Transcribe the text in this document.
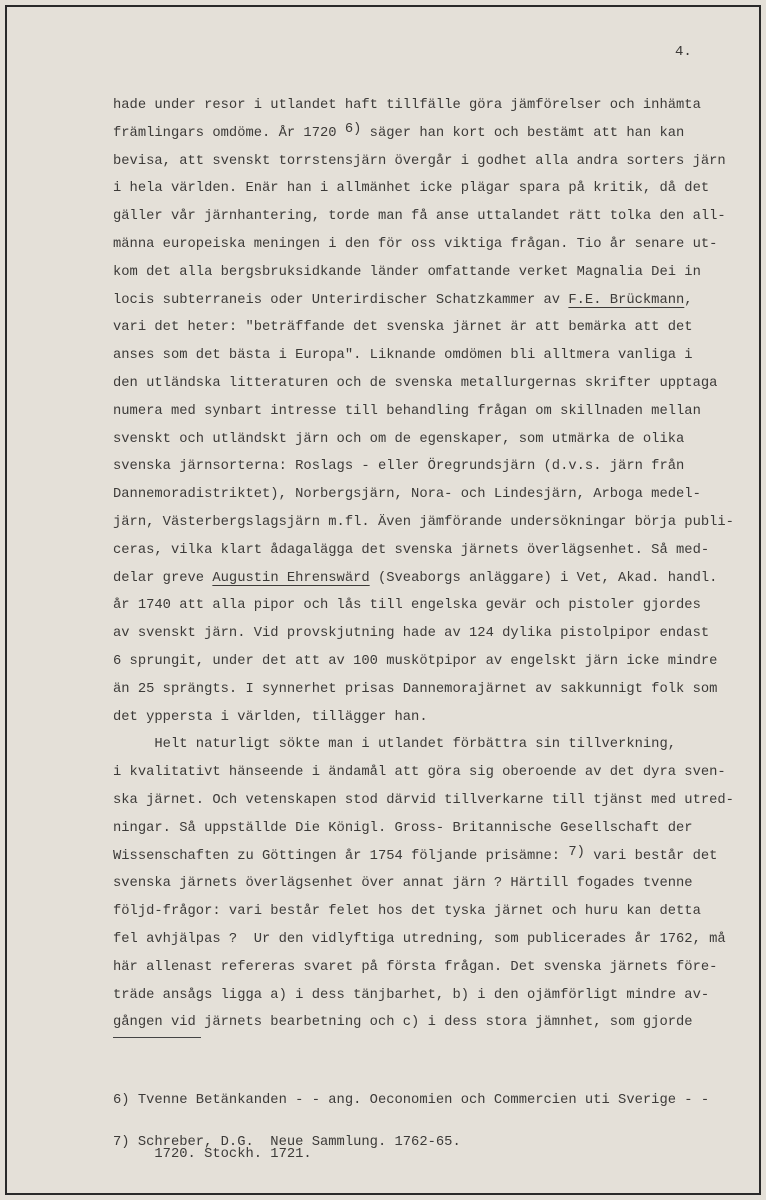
4.
hade under resor i utlandet haft tillfälle göra jämförelser och inhämta
främlingars omdöme. År 1720 6) säger han kort och bestämt att han kan
bevisa, att svenskt torrstensjärn övergår i godhet alla andra sorters järn
i hela världen. Enär han i allmänhet icke plägar spara på kritik, då det
gäller vår järnhantering, torde man få anse uttalandet rätt tolka den all-
männa europeiska meningen i den för oss viktiga frågan. Tio år senare ut-
kom det alla bergsbruksidkande länder omfattande verket Magnalia Dei in
locis subterraneis oder Unterirdischer Schatzkammer av F.E. Brückmann,
vari det heter: "beträffande det svenska järnet är att bemärka att det
anses som det bästa i Europa". Liknande omdömen bli alltmera vanliga i
den utländska litteraturen och de svenska metallurgernas skrifter upptaga
numera med synbart intresse till behandling frågan om skillnaden mellan
svenskt och utländskt järn och om de egenskaper, som utmärka de olika
svenska järnsorterna: Roslags - eller Öregrundsjärn (d.v.s. järn från
Dannemoradistriktet), Norbergsjärn, Nora- och Lindesjärn, Arboga medel-
järn, Västerbergslagsjärn m.fl. Även jämförande undersökningar börja publi-
ceras, vilka klart ådagalägga det svenska järnets överlägsenhet. Så med-
delar greve Augustin Ehrenswärd (Sveaborgs anläggare) i Vet, Akad. handl.
år 1740 att alla pipor och lås till engelska gevär och pistoler gjordes
av svenskt järn. Vid provskjutning hade av 124 dylika pistolpipor endast
6 sprungit, under det att av 100 muskötpipor av engelskt järn icke mindre
än 25 sprängts. I synnerhet prisas Dannemorajärnet av sakkunnigt folk som
det yppersta i världen, tillägger han.
Helt naturligt sökte man i utlandet förbättra sin tillverkning,
i kvalitativt hänseende i ändamål att göra sig oberoende av det dyra sven-
ska järnet. Och vetenskapen stod därvid tillverkarne till tjänst med utred-
ningar. Så uppställde Die Königl. Gross- Britannische Gesellschaft der
Wissenschaften zu Göttingen år 1754 följande prisämne: 7) vari består det
svenska järnets överlägsenhet över annat järn ? Härtill fogades tvenne
följd-frågor: vari består felet hos det tyska järnet och huru kan detta
fel avhjälpas ?  Ur den vidlyftiga utredning, som publicerades år 1762, må
här allenast refereras svaret på första frågan. Det svenska järnets före-
träde ansågs ligga a) i dess tänjbarhet, b) i den ojämförligt mindre av-
gången vid järnets bearbetning och c) i dess stora jämnhet, som gjorde

6) Tvenne Betänkanden - - ang. Oeconomien och Commercien uti Sverige - -

1720. Stockh. 1721.

7) Schreber, D.G.  Neue Sammlung. 1762-65.
